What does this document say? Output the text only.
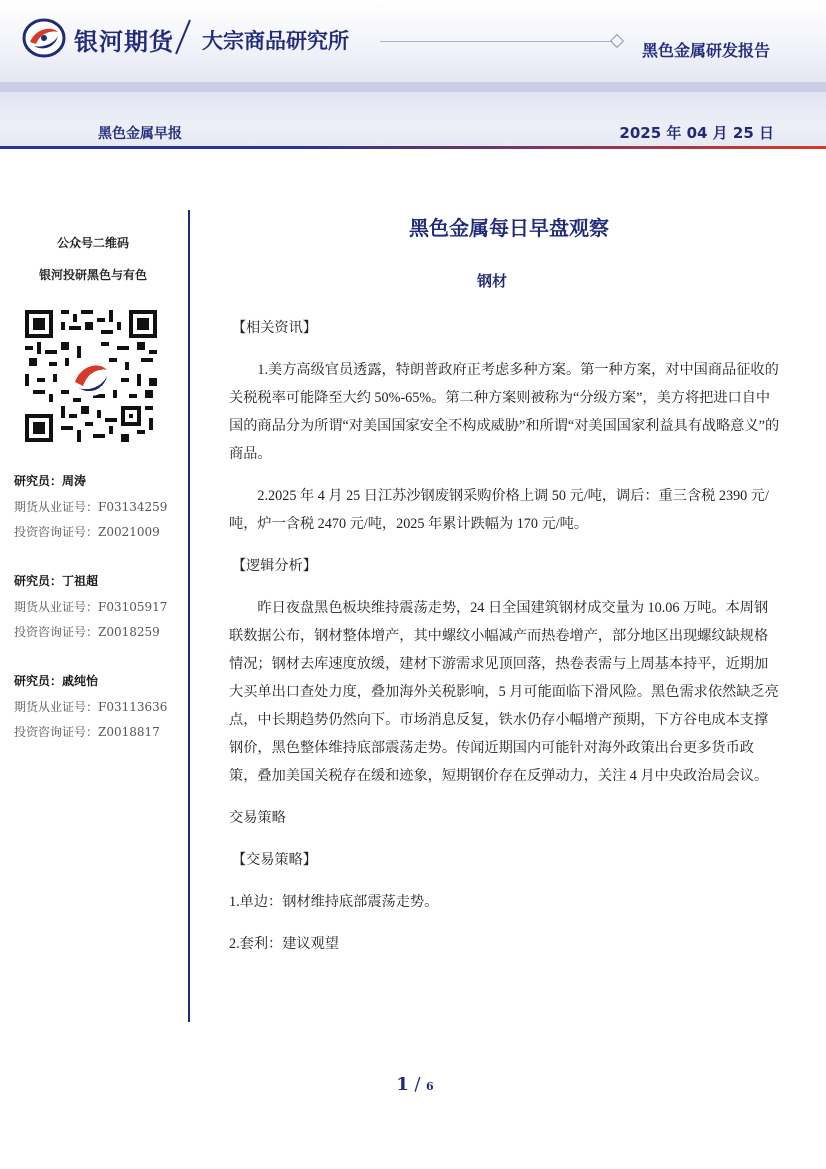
银河期货 大宗商品研究所	黑色金属研发报告
黑色金属早报	2025 年 04 月 25 日
公众号二维码
银河投研黑色与有色
研究员：周涛
期货从业证号：F03134259
投资咨询证号：Z0021009
研究员：丁祖超
期货从业证号：F03105917
投资咨询证号：Z0018259
研究员：戚纯怡
期货从业证号：F03113636
投资咨询证号：Z0018817
黑色金属每日早盘观察
钢材
【相关资讯】
1.美方高级官员透露，特朗普政府正考虑多种方案。第一种方案，对中国商品征收的关税税率可能降至大约 50%-65%。第二种方案则被称为“分级方案”，美方将把进口自中国的商品分为所谓“对美国国家安全不构成威胁”和所谓“对美国国家利益具有战略意义”的商品。
2.2025 年 4 月 25 日江苏沙钢废钢采购价格上调 50 元/吨，调后：重三含税 2390 元/吨，炉一含税 2470 元/吨，2025 年累计跌幅为 170 元/吨。
【逻辑分析】
昨日夜盘黑色板块维持震荡走势，24 日全国建筑钢材成交量为 10.06 万吨。本周钢联数据公布，钢材整体增产，其中螺纹小幅减产而热卷增产，部分地区出现螺纹缺规格情况；钢材去库速度放缓，建材下游需求见顶回落，热卷表需与上周基本持平，近期加大买单出口查处力度，叠加海外关税影响，5 月可能面临下滑风险。黑色需求依然缺乏亮点，中长期趋势仍然向下。市场消息反复，铁水仍存小幅增产预期，下方谷电成本支撑钢价，黑色整体维持底部震荡走势。传闻近期国内可能针对海外政策出台更多货币政策，叠加美国关税存在缓和迹象，短期钢价存在反弹动力，关注 4 月中央政治局会议。
交易策略
【交易策略】
1.单边：钢材维持底部震荡走势。
2.套利：建议观望
1 / 6
